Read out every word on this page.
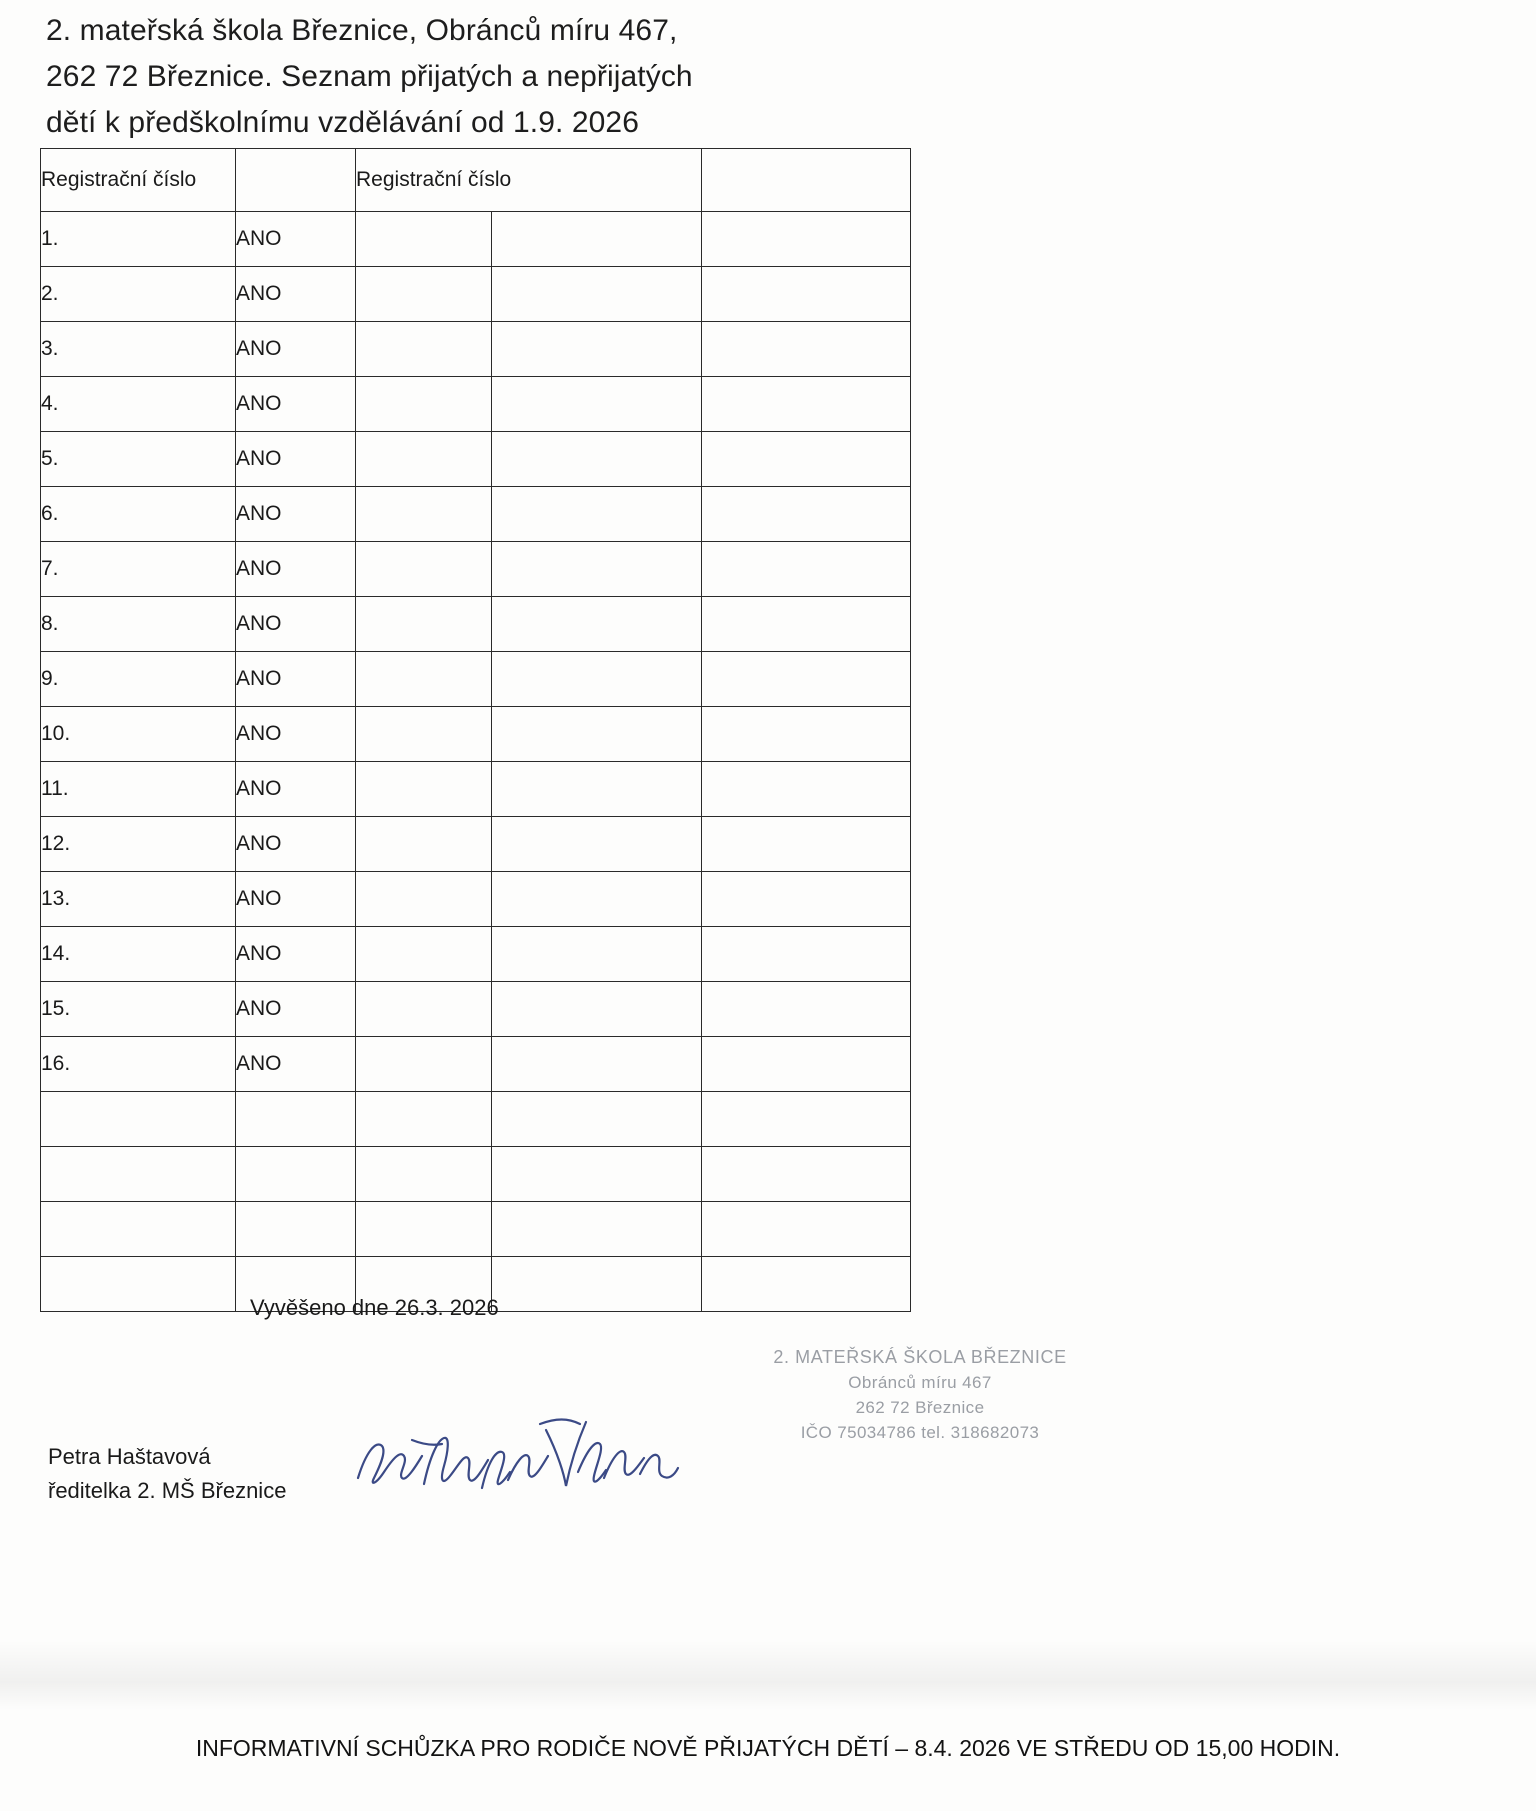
2. mateřská škola Březnice, Obránců míru 467,
262 72 Březnice. Seznam přijatých a nepřijatých
dětí k předškolnímu vzdělávání od 1.9. 2026
Registrační číslo		Registrační číslo		
1.	ANO			
2.	ANO			
3.	ANO			
4.	ANO			
5.	ANO			
6.	ANO			
7.	ANO			
8.	ANO			
9.	ANO			
10.	ANO			
11.	ANO			
12.	ANO			
13.	ANO			
14.	ANO			
15.	ANO			
16.	ANO			

Vyvěšeno dne 26.3. 2026
Petra Haštavová
ředitelka 2. MŠ Březnice
2. MATEŘSKÁ ŠKOLA BŘEZNICE
Obránců míru 467
262 72 Březnice
IČO 75034786 tel. 318682073
INFORMATIVNÍ SCHŮZKA PRO RODIČE NOVĚ PŘIJATÝCH DĚTÍ – 8.4. 2026 VE STŘEDU OD 15,00 HODIN.
